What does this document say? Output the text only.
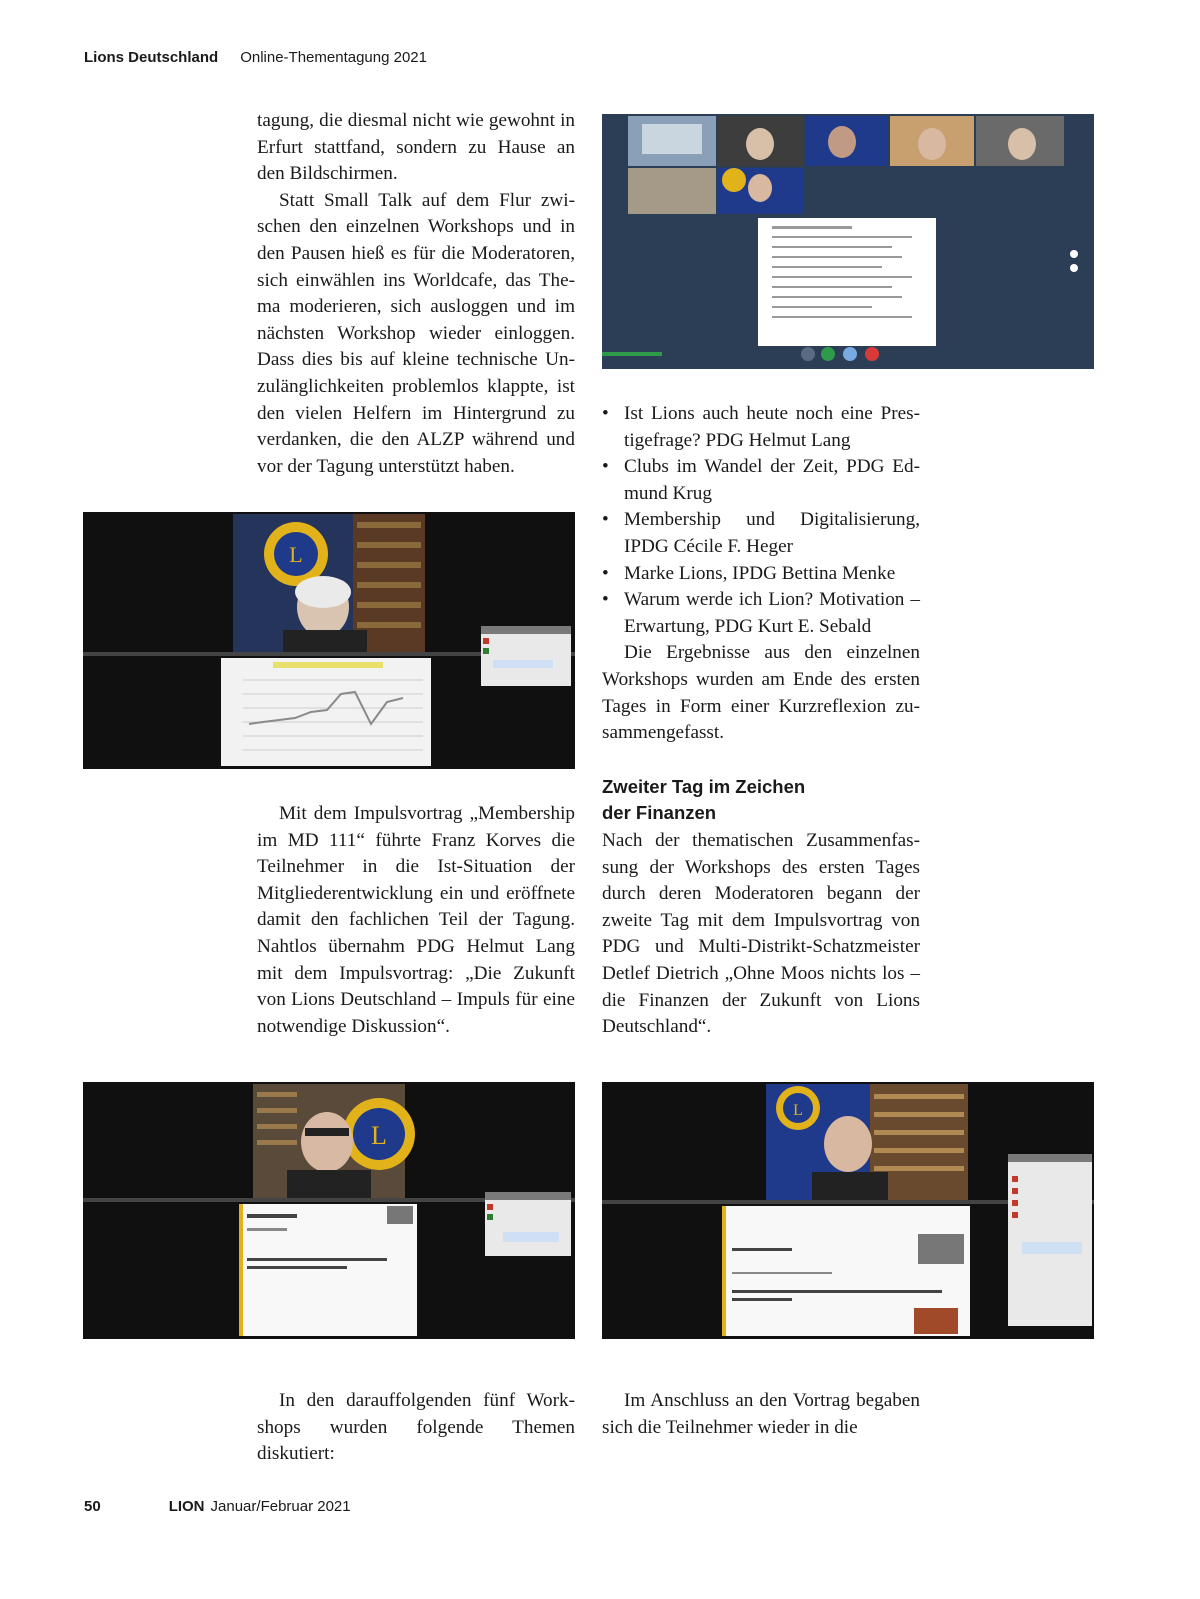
Lions Deutschland Online-Thementagung 2021

tagung, die diesmal nicht wie gewohnt in Erfurt stattfand, sondern zu Hause an den Bildschirmen.

Statt Small Talk auf dem Flur zwischen den einzelnen Workshops und in den Pausen hieß es für die Moderatoren, sich einwählen ins Worldcafe, das Thema moderieren, sich ausloggen und im nächsten Workshop wieder einloggen. Dass dies bis auf kleine technische Unzulänglichkeiten problemlos klappte, ist den vielen Helfern im Hintergrund zu verdanken, die den ALZP während und vor der Tagung unterstützt haben.

L

Mit dem Impulsvortrag „Membership im MD 111“ führte Franz Korves die Teilnehmer in die Ist-Situation der Mitgliederentwicklung ein und eröffnete damit den fachlichen Teil der Tagung. Nahtlos übernahm PDG Helmut Lang mit dem Impulsvortrag: „Die Zukunft von Lions Deutschland – Impuls für eine notwendige Diskussion“.

L

In den darauffolgenden fünf Workshops wurden folgende Themen diskutiert:

• Ist Lions auch heute noch eine Prestigefrage? PDG Helmut Lang
• Clubs im Wandel der Zeit, PDG Edmund Krug
• Membership und Digitalisierung, IPDG Cécile F. Heger
• Marke Lions, IPDG Bettina Menke
• Warum werde ich Lion? Motivation – Erwartung, PDG Kurt E. Sebald

Die Ergebnisse aus den einzelnen Workshops wurden am Ende des ersten Tages in Form einer Kurzreflexion zusammengefasst.

Zweiter Tag im Zeichen
der Finanzen

Nach der thematischen Zusammenfassung der Workshops des ersten Tages durch deren Moderatoren begann der zweite Tag mit dem Impulsvortrag von PDG und Multi-Distrikt-Schatzmeister Detlef Dietrich „Ohne Moos nichts los – die Finanzen der Zukunft von Lions Deutschland“.

L

Im Anschluss an den Vortrag begaben sich die Teilnehmer wieder in die

50	LION Januar/Februar 2021
